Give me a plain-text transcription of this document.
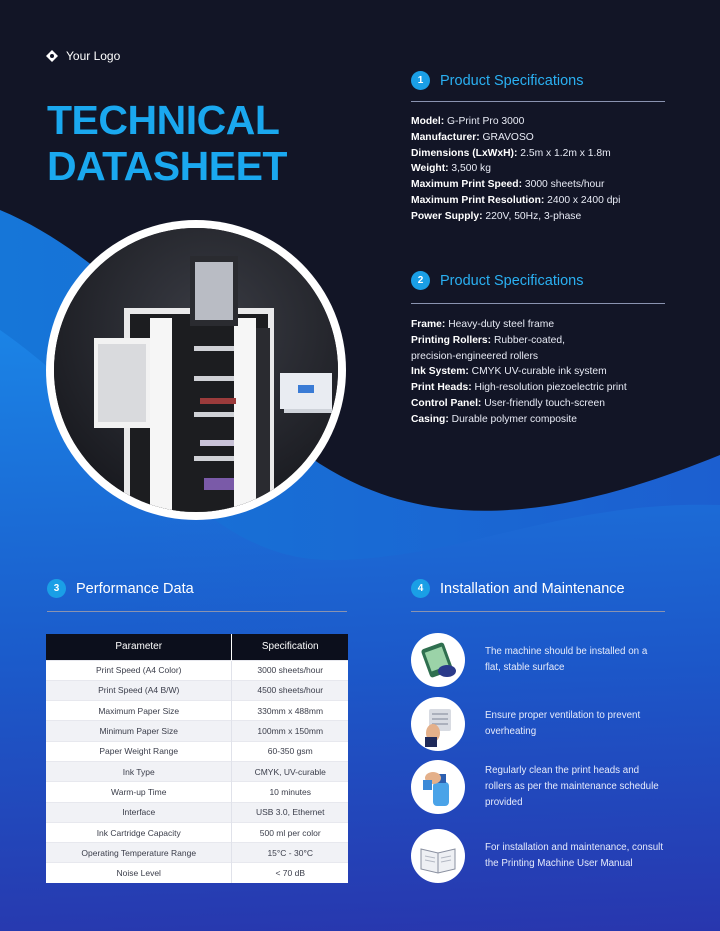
Your Logo
TECHNICAL
DATASHEET
1	Product Specifications
Model: G-Print Pro 3000
Manufacturer: GRAVOSO
Dimensions (LxWxH): 2.5m x 1.2m x 1.8m
Weight: 3,500 kg
Maximum Print Speed: 3000 sheets/hour
Maximum Print Resolution: 2400 x 2400 dpi
Power Supply: 220V, 50Hz, 3-phase
2	Product Specifications
Frame: Heavy-duty steel frame
Printing Rollers: Rubber-coated, precision-engineered rollers
Ink System: CMYK UV-curable ink system
Print Heads: High-resolution piezoelectric print
Control Panel: User-friendly touch-screen
Casing: Durable polymer composite
3	Performance Data
Parameter	Specification
Print Speed (A4 Color)	3000 sheets/hour
Print Speed (A4 B/W)	4500 sheets/hour
Maximum Paper Size	330mm x 488mm
Minimum Paper Size	100mm x 150mm
Paper Weight Range	60-350 gsm
Ink Type	CMYK, UV-curable
Warm-up Time	10 minutes
Interface	USB 3.0, Ethernet
Ink Cartridge Capacity	500 ml per color
Operating Temperature Range	15°C - 30°C
Noise Level	< 70 dB
4	Installation and Maintenance
The machine should be installed on a flat, stable surface
Ensure proper ventilation to prevent overheating
Regularly clean the print heads and rollers as per the maintenance schedule provided
For installation and maintenance, consult the Printing Machine User Manual
